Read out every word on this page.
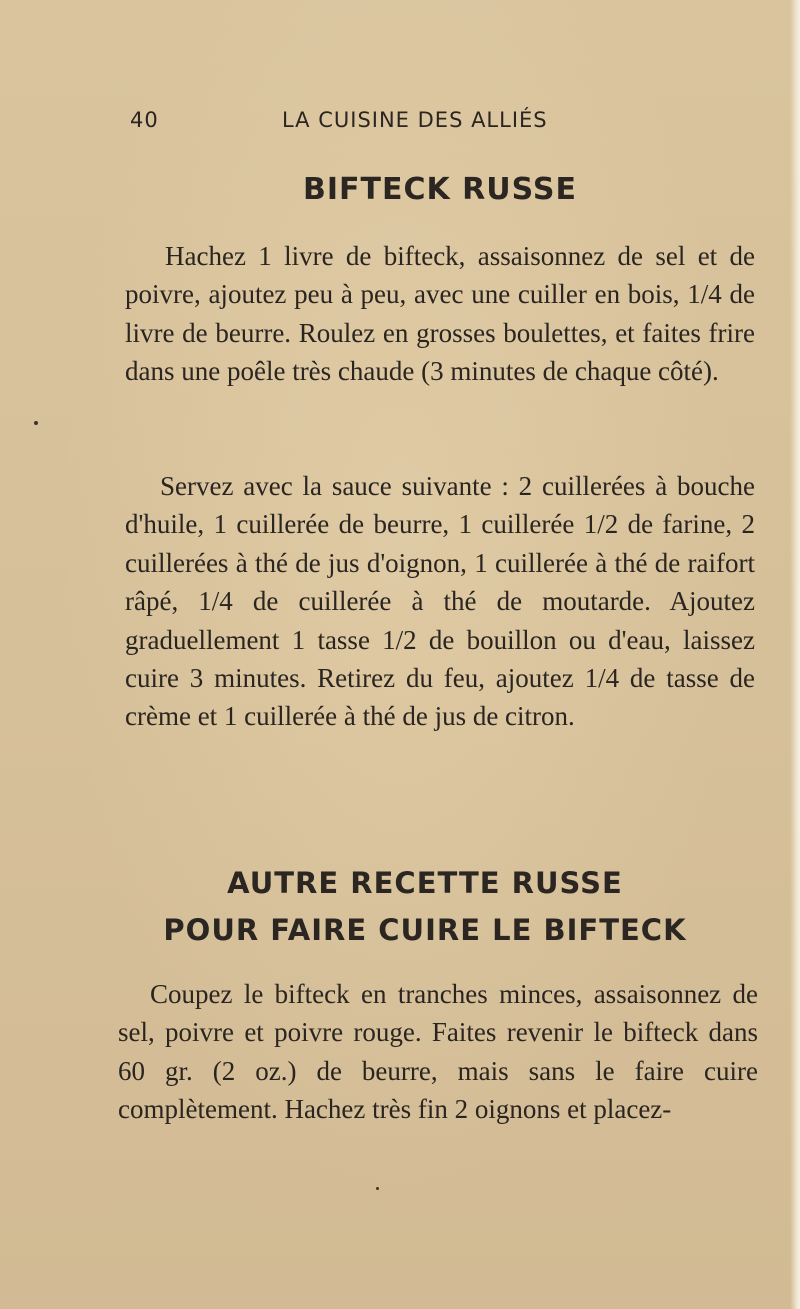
40	LA CUISINE DES ALLIÉS
BIFTECK RUSSE

Hachez 1 livre de bifteck, assaisonnez de sel et de poivre, ajoutez peu à peu, avec une cuiller en bois, 1/4 de livre de beurre. Roulez en grosses boulettes, et faites frire dans une poêle très chaude (3 minutes de chaque côté).

Servez avec la sauce suivante : 2 cuillerées à bouche d'huile, 1 cuillerée de beurre, 1 cuillerée 1/2 de farine, 2 cuillerées à thé de jus d'oignon, 1 cuillerée à thé de raifort râpé, 1/4 de cuillerée à thé de moutarde. Ajoutez graduellement 1 tasse 1/2 de bouillon ou d'eau, laissez cuire 3 minutes. Retirez du feu, ajoutez 1/4 de tasse de crème et 1 cuillerée à thé de jus de citron.

AUTRE RECETTE RUSSE
POUR FAIRE CUIRE LE BIFTECK

Coupez le bifteck en tranches minces, assaisonnez de sel, poivre et poivre rouge. Faites revenir le bifteck dans 60 gr. (2 oz.) de beurre, mais sans le faire cuire complètement. Hachez très fin 2 oignons et placez-
